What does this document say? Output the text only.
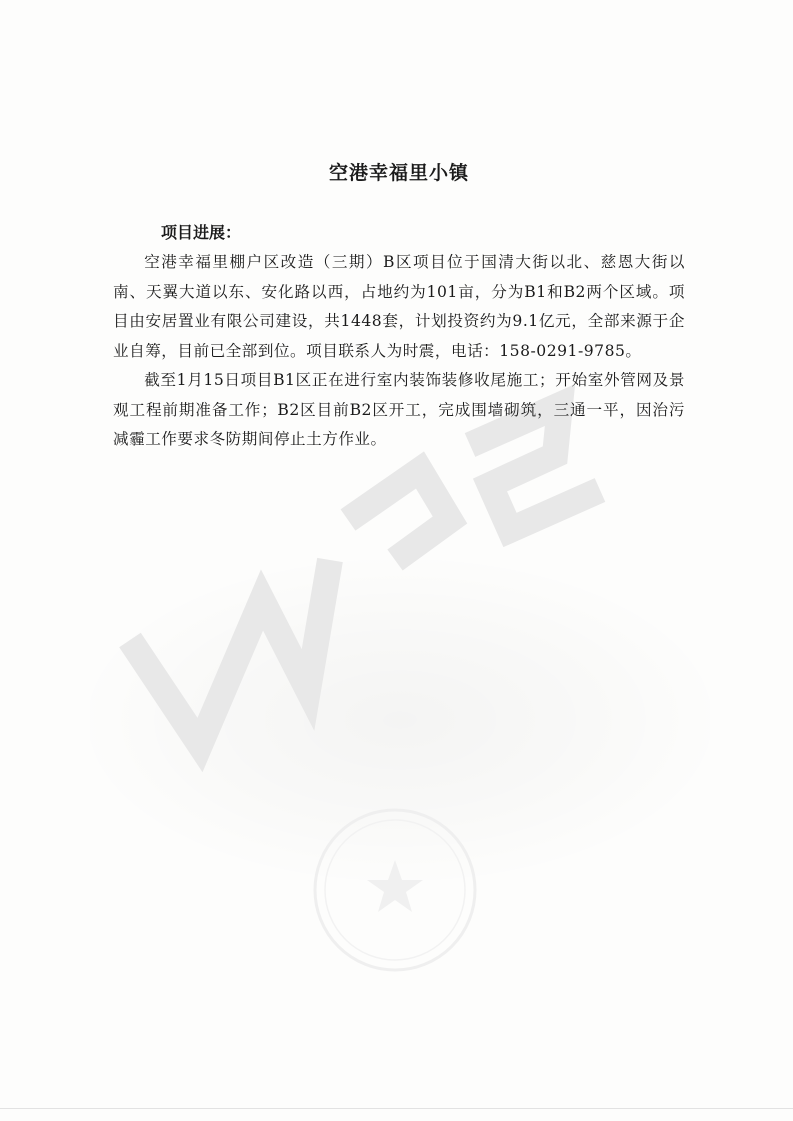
空港幸福里小镇
项目进展：

空港幸福里棚户区改造（三期）B区项目位于国清大街以北、慈恩大街以南、天翼大道以东、安化路以西，占地约为101亩，分为B1和B2两个区域。项目由安居置业有限公司建设，共1448套，计划投资约为9.1亿元，全部来源于企业自筹，目前已全部到位。项目联系人为时震，电话：158-0291-9785。

截至1月15日项目B1区正在进行室内装饰装修收尾施工；开始室外管网及景观工程前期准备工作；B2区目前B2区开工，完成围墙砌筑，三通一平，因治污减霾工作要求冬防期间停止土方作业。
